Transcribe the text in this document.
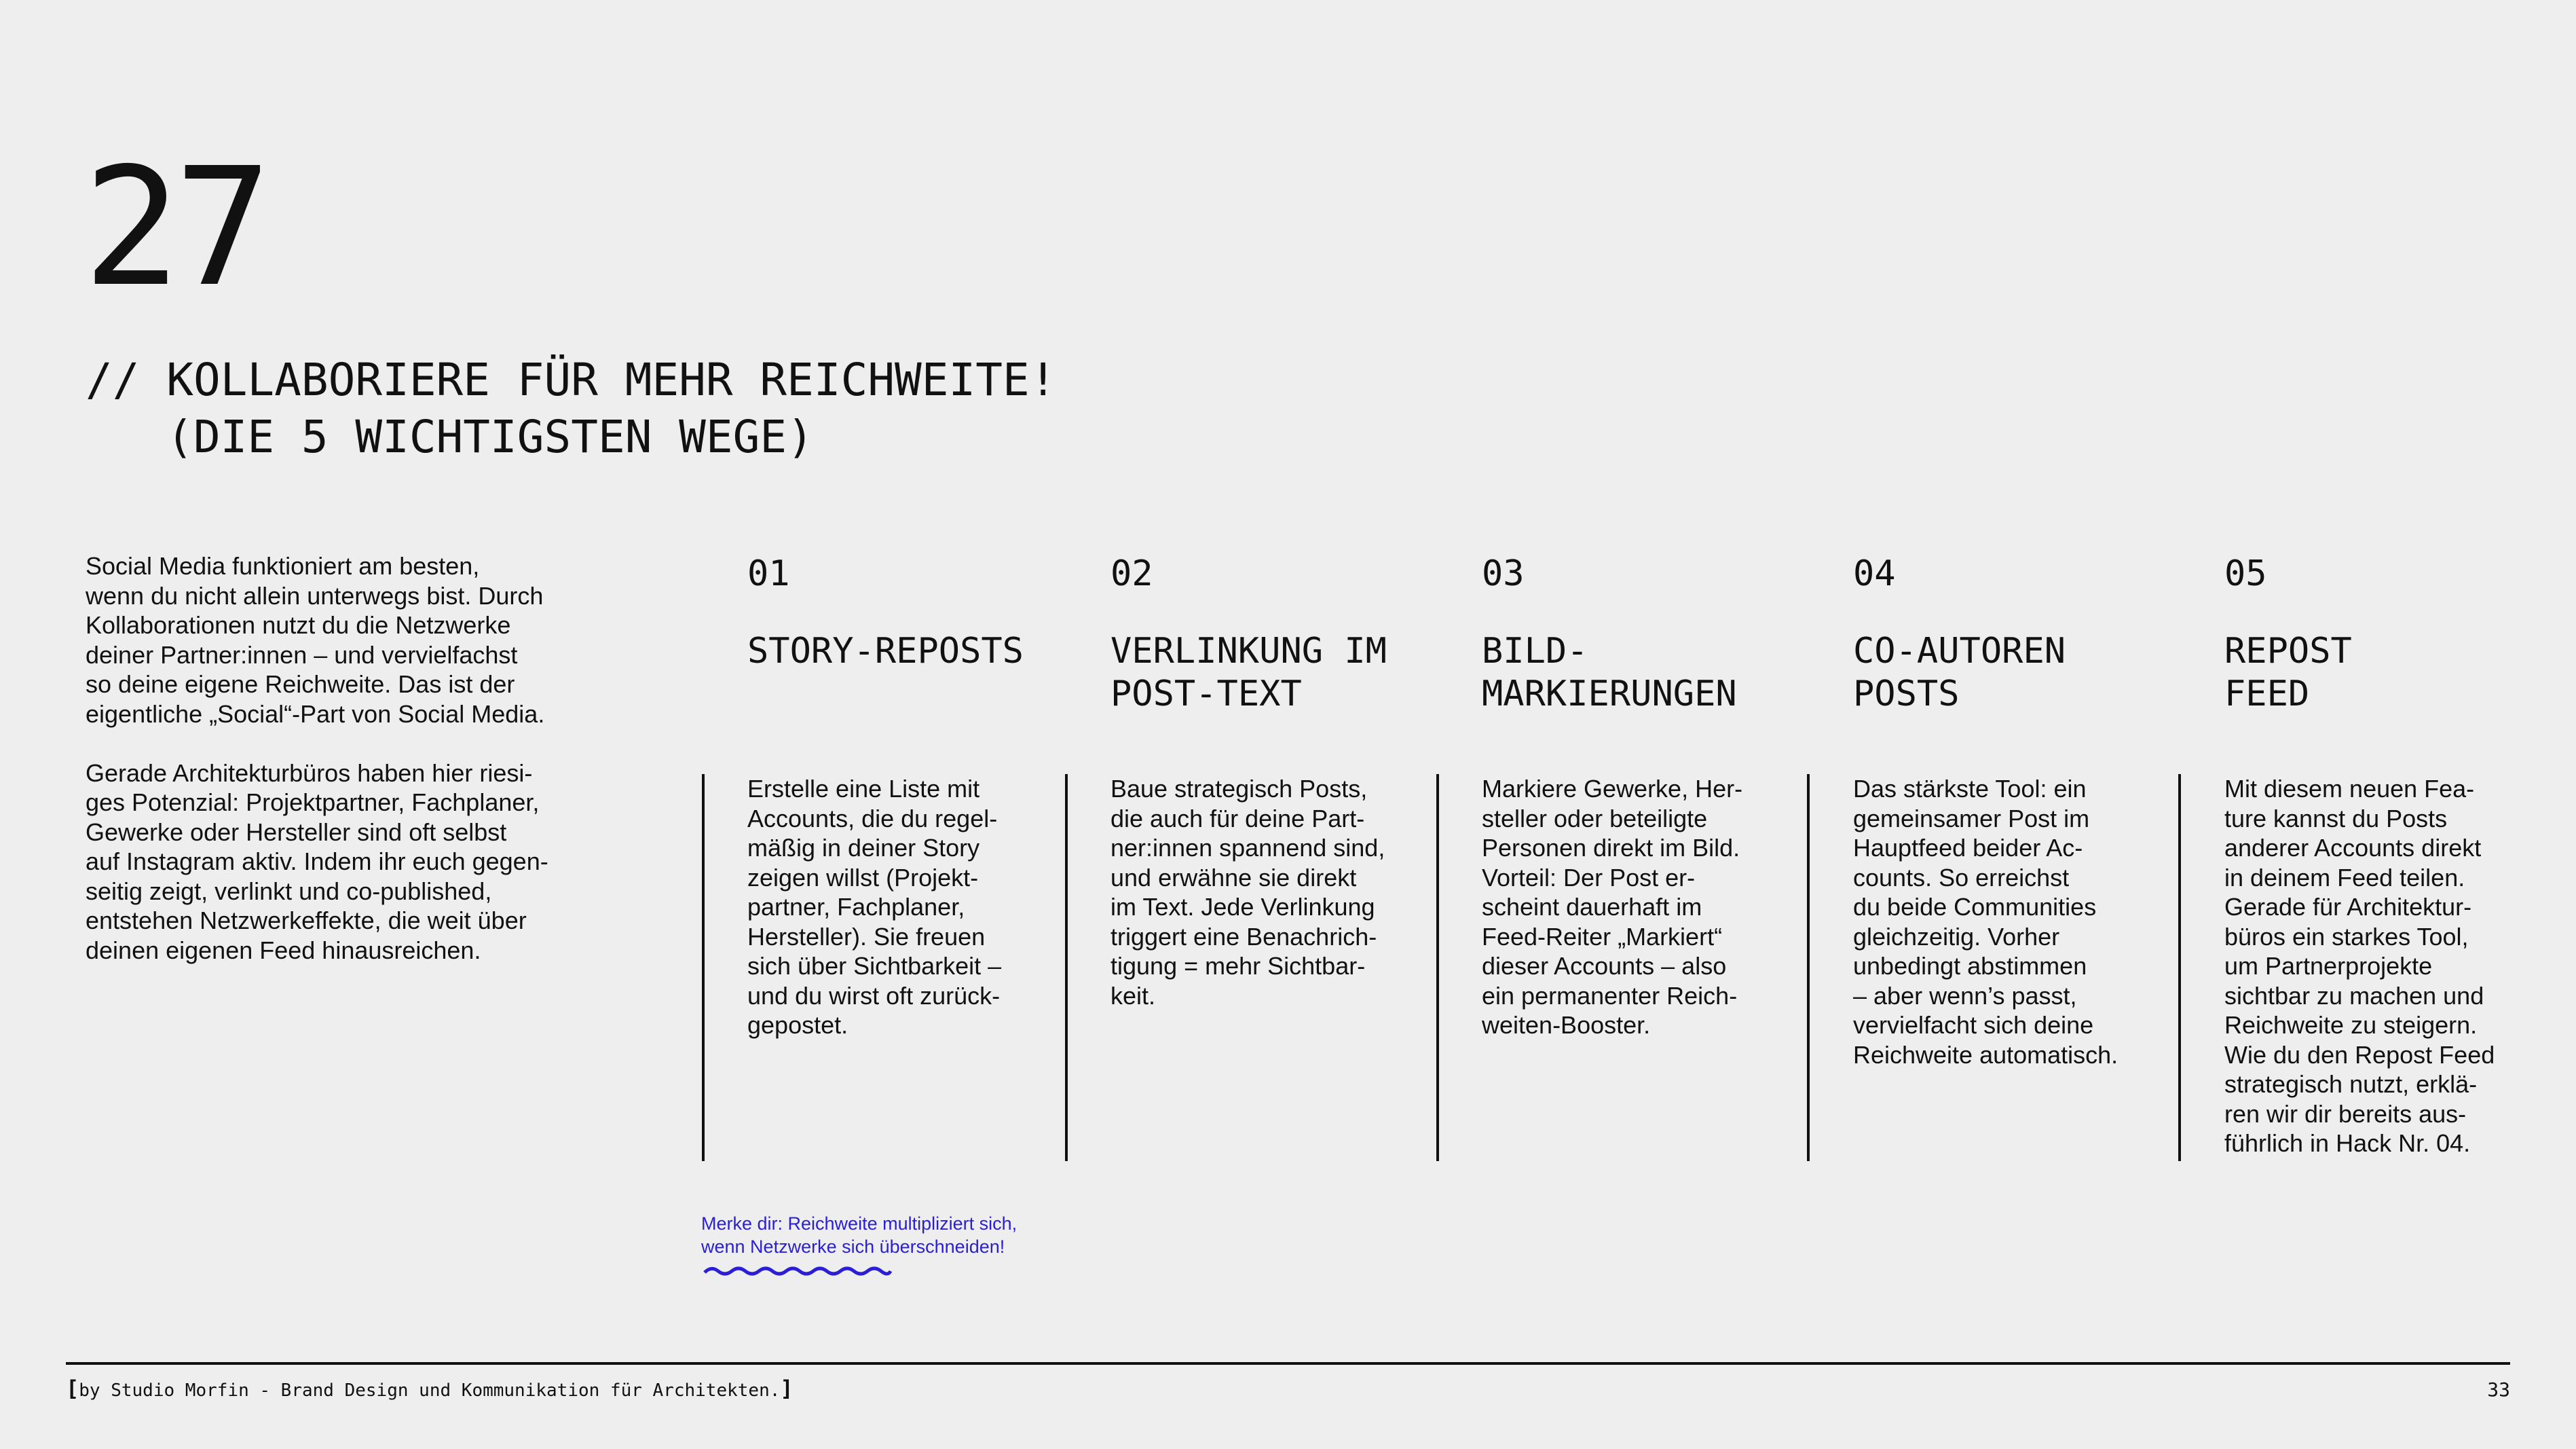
27
// KOLLABORIERE FÜR MEHR REICHWEITE!
(DIE 5 WICHTIGSTEN WEGE)
Social Media funktioniert am besten,
wenn du nicht allein unterwegs bist. Durch
Kollaborationen nutzt du die Netzwerke
deiner Partner:innen – und vervielfachst
so deine eigene Reichweite. Das ist der
eigentliche „Social“-Part von Social Media.

Gerade Architekturbüros haben hier riesi-
ges Potenzial: Projektpartner, Fachplaner,
Gewerke oder Hersteller sind oft selbst
auf Instagram aktiv. Indem ihr euch gegen-
seitig zeigt, verlinkt und co-published,
entstehen Netzwerkeffekte, die weit über
deinen eigenen Feed hinausreichen.
01
STORY-REPOSTS
Erstelle eine Liste mit
Accounts, die du regel-
mäßig in deiner Story
zeigen willst (Projekt-
partner, Fachplaner,
Hersteller). Sie freuen
sich über Sichtbarkeit –
und du wirst oft zurück-
gepostet.
02
VERLINKUNG IM
POST-TEXT
Baue strategisch Posts,
die auch für deine Part-
ner:innen spannend sind,
und erwähne sie direkt
im Text. Jede Verlinkung
triggert eine Benachrich-
tigung = mehr Sichtbar-
keit.
03
BILD-
MARKIERUNGEN
Markiere Gewerke, Her-
steller oder beteiligte
Personen direkt im Bild.
Vorteil: Der Post er-
scheint dauerhaft im
Feed-Reiter „Markiert“
dieser Accounts – also
ein permanenter Reich-
weiten-Booster.
04
CO-AUTOREN
POSTS
Das stärkste Tool: ein
gemeinsamer Post im
Hauptfeed beider Ac-
counts. So erreichst
du beide Communities
gleichzeitig. Vorher
unbedingt abstimmen
– aber wenn’s passt,
vervielfacht sich deine
Reichweite automatisch.
05
REPOST
FEED
Mit diesem neuen Fea-
ture kannst du Posts
anderer Accounts direkt
in deinem Feed teilen.
Gerade für Architektur-
büros ein starkes Tool,
um Partnerprojekte
sichtbar zu machen und
Reichweite zu steigern.
Wie du den Repost Feed
strategisch nutzt, erklä-
ren wir dir bereits aus-
führlich in Hack Nr. 04.
Merke dir: Reichweite multipliziert sich,
wenn Netzwerke sich überschneiden!
[by Studio Morfin - Brand Design und Kommunikation für Architekten.]	33
